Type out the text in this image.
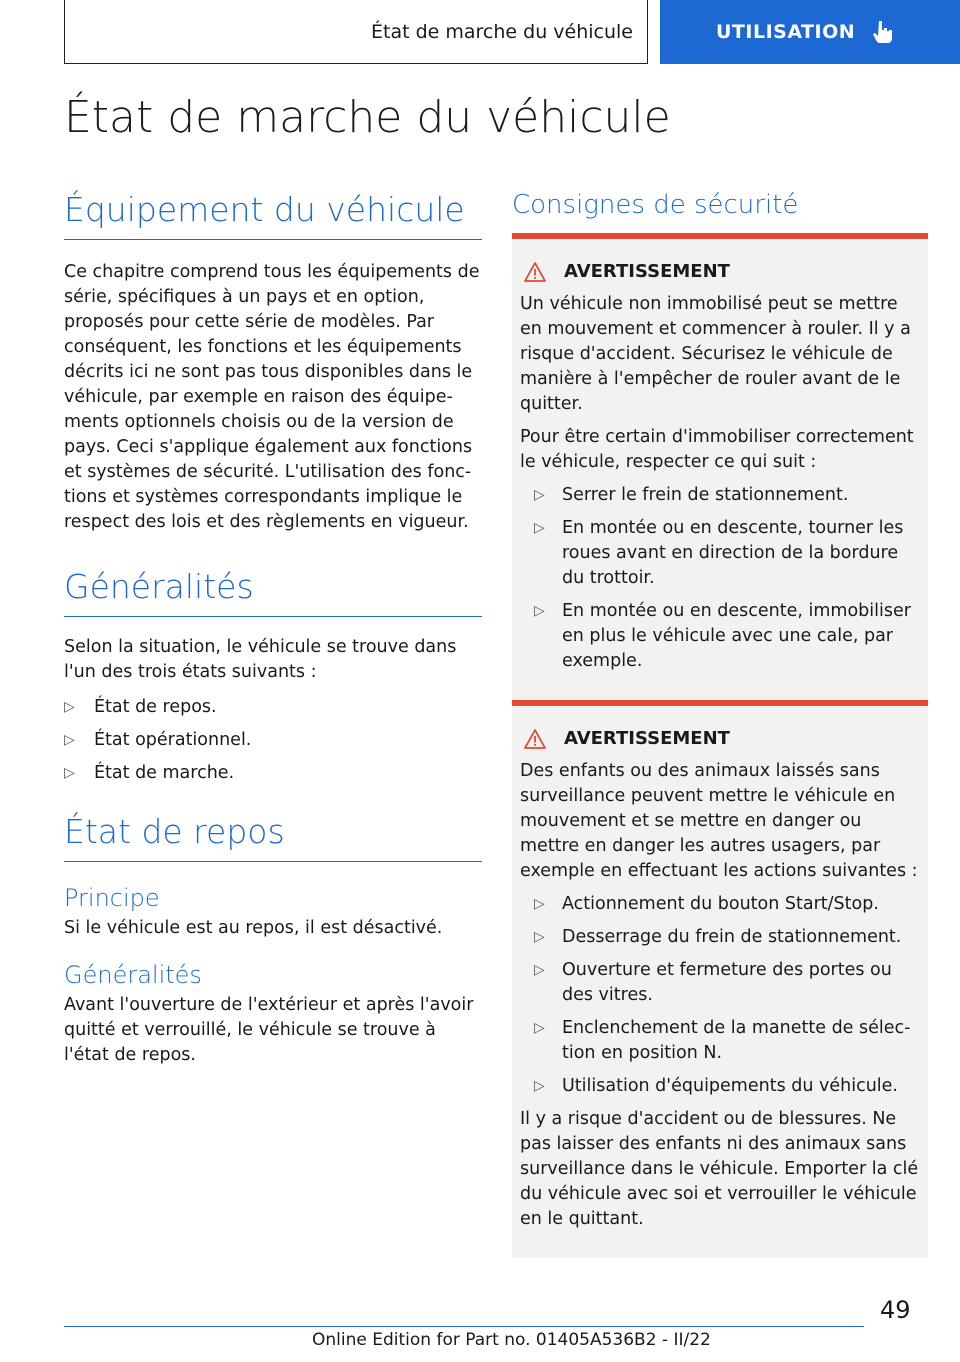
État de marche du véhicule	UTILISATION
État de marche du véhicule
Équipement du véhicule
Ce chapitre comprend tous les équipements de série, spécifiques à un pays et en option, proposés pour cette série de modèles. Par conséquent, les fonctions et les équipements décrits ici ne sont pas tous disponibles dans le véhicule, par exemple en raison des équipements optionnels choisis ou de la version de pays. Ceci s'applique également aux fonctions et systèmes de sécurité. L'utilisation des fonctions et systèmes correspondants implique le respect des lois et des règlements en vigueur.
Généralités
Selon la situation, le véhicule se trouve dans l'un des trois états suivants :
▷ État de repos.
▷ État opérationnel.
▷ État de marche.
État de repos
Principe
Si le véhicule est au repos, il est désactivé.
Généralités
Avant l'ouverture de l'extérieur et après l'avoir quitté et verrouillé, le véhicule se trouve à l'état de repos.
Consignes de sécurité
AVERTISSEMENT
Un véhicule non immobilisé peut se mettre en mouvement et commencer à rouler. Il y a risque d'accident. Sécurisez le véhicule de manière à l'empêcher de rouler avant de le quitter.
Pour être certain d'immobiliser correctement le véhicule, respecter ce qui suit :
▷ Serrer le frein de stationnement.
▷ En montée ou en descente, tourner les roues avant en direction de la bordure du trottoir.
▷ En montée ou en descente, immobiliser en plus le véhicule avec une cale, par exemple.
AVERTISSEMENT
Des enfants ou des animaux laissés sans surveillance peuvent mettre le véhicule en mouvement et se mettre en danger ou mettre en danger les autres usagers, par exemple en effectuant les actions suivantes :
▷ Actionnement du bouton Start/Stop.
▷ Desserrage du frein de stationnement.
▷ Ouverture et fermeture des portes ou des vitres.
▷ Enclenchement de la manette de sélection en position N.
▷ Utilisation d'équipements du véhicule.
Il y a risque d'accident ou de blessures. Ne pas laisser des enfants ni des animaux sans surveillance dans le véhicule. Emporter la clé du véhicule avec soi et verrouiller le véhicule en le quittant.
49
Online Edition for Part no. 01405A536B2 - II/22
